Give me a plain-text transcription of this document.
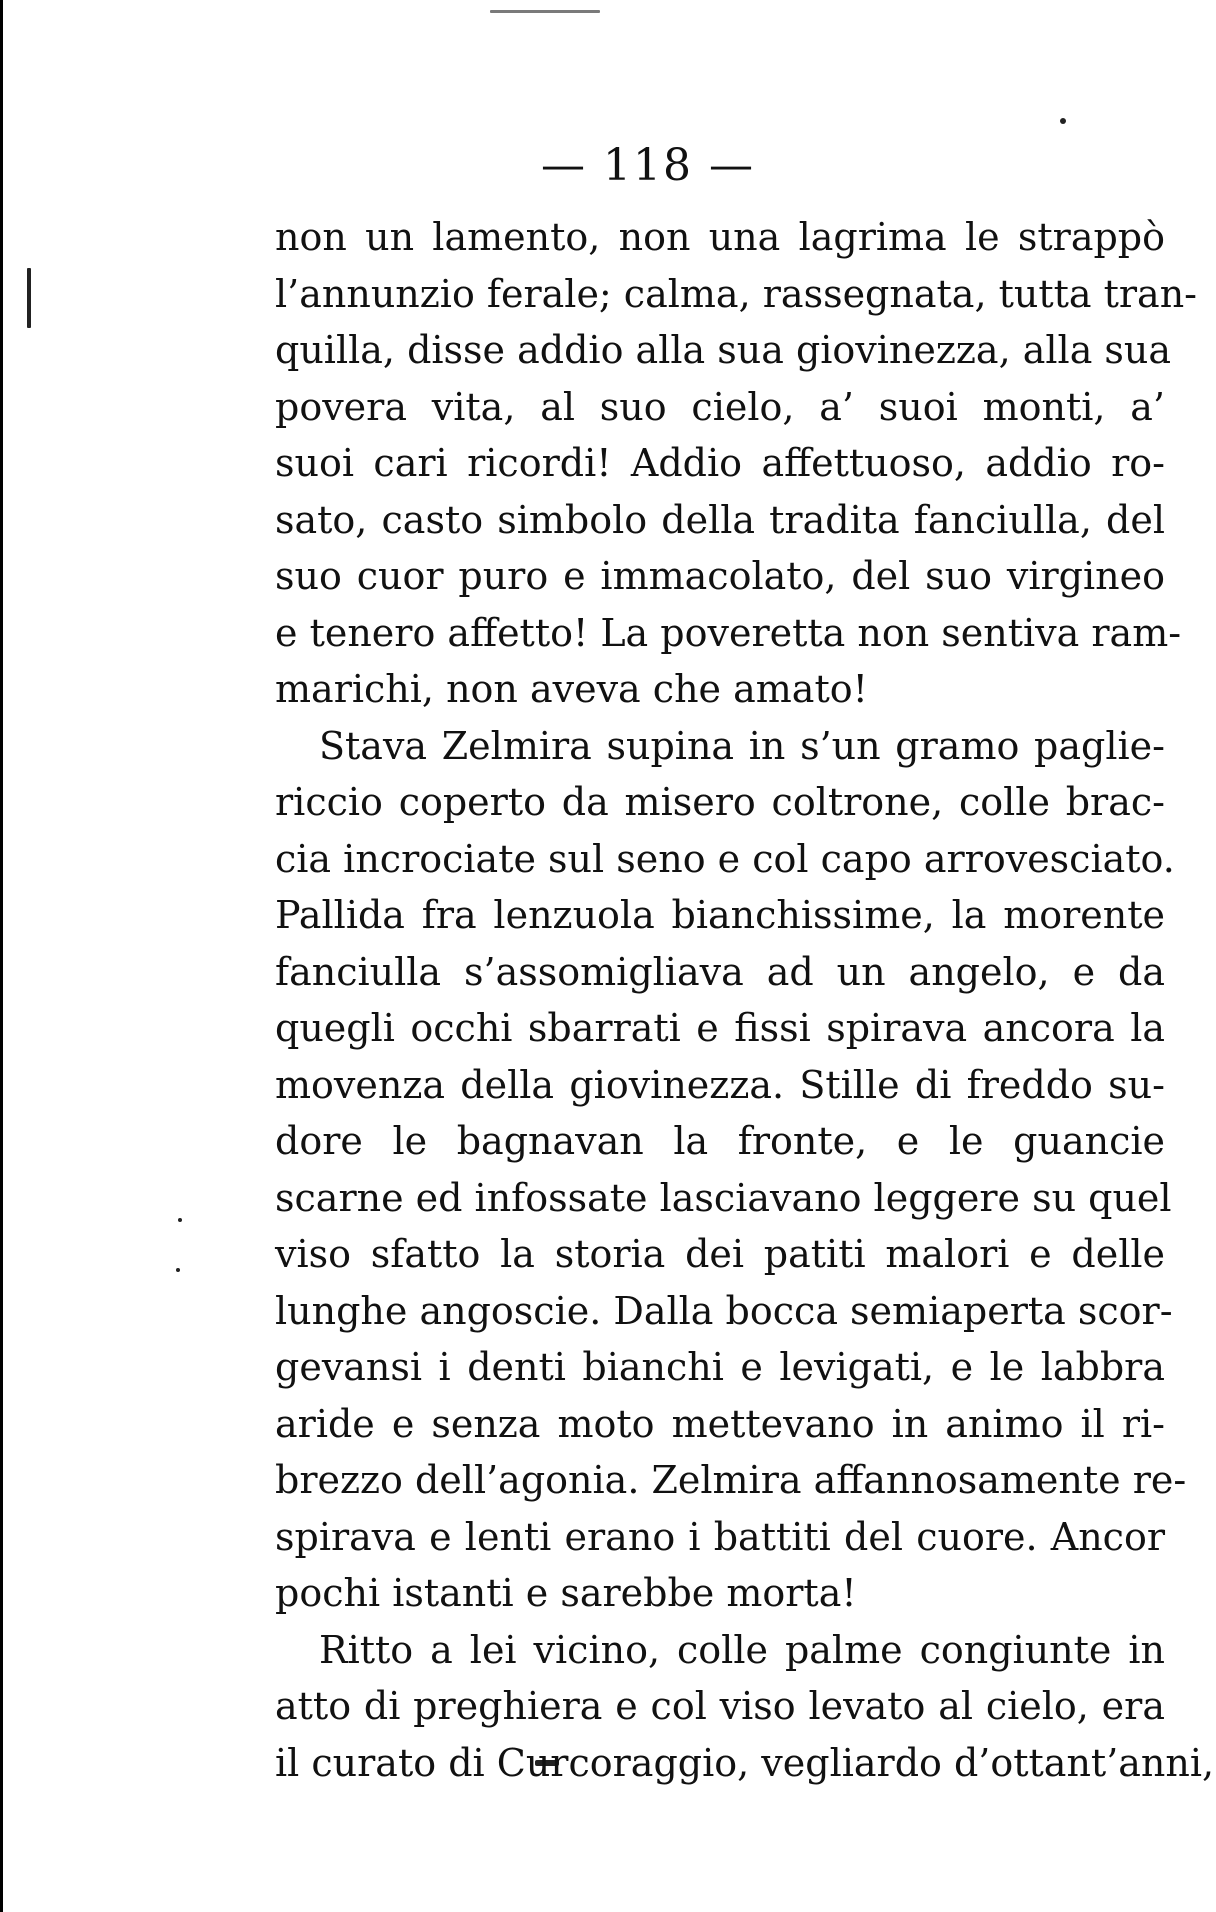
— 118 —
non un lamento, non una lagrima le strappò
l’annunzio ferale; calma, rassegnata, tutta tran-
quilla, disse addio alla sua giovinezza, alla sua
povera vita, al suo cielo, a’ suoi monti, a’
suoi cari ricordi! Addio affettuoso, addio ro-
sato, casto simbolo della tradita fanciulla, del
suo cuor puro e immacolato, del suo virgineo
e tenero affetto! La poveretta non sentiva ram-
marichi, non aveva che amato!
Stava Zelmira supina in s’un gramo paglie-
riccio coperto da misero coltrone, colle brac-
cia incrociate sul seno e col capo arrovesciato.
Pallida fra lenzuola bianchissime, la morente
fanciulla s’assomigliava ad un angelo, e da
quegli occhi sbarrati e fissi spirava ancora la
movenza della giovinezza. Stille di freddo su-
dore le bagnavan la fronte, e le guancie
scarne ed infossate lasciavano leggere su quel
viso sfatto la storia dei patiti malori e delle
lunghe angoscie. Dalla bocca semiaperta scor-
gevansi i denti bianchi e levigati, e le labbra
aride e senza moto mettevano in animo il ri-
brezzo dell’agonia. Zelmira affannosamente re-
spirava e lenti erano i battiti del cuore. Ancor
pochi istanti e sarebbe morta!
Ritto a lei vicino, colle palme congiunte in
atto di preghiera e col viso levato al cielo, era
il curato di Curcoraggio, vegliardo d’ottant’anni,
